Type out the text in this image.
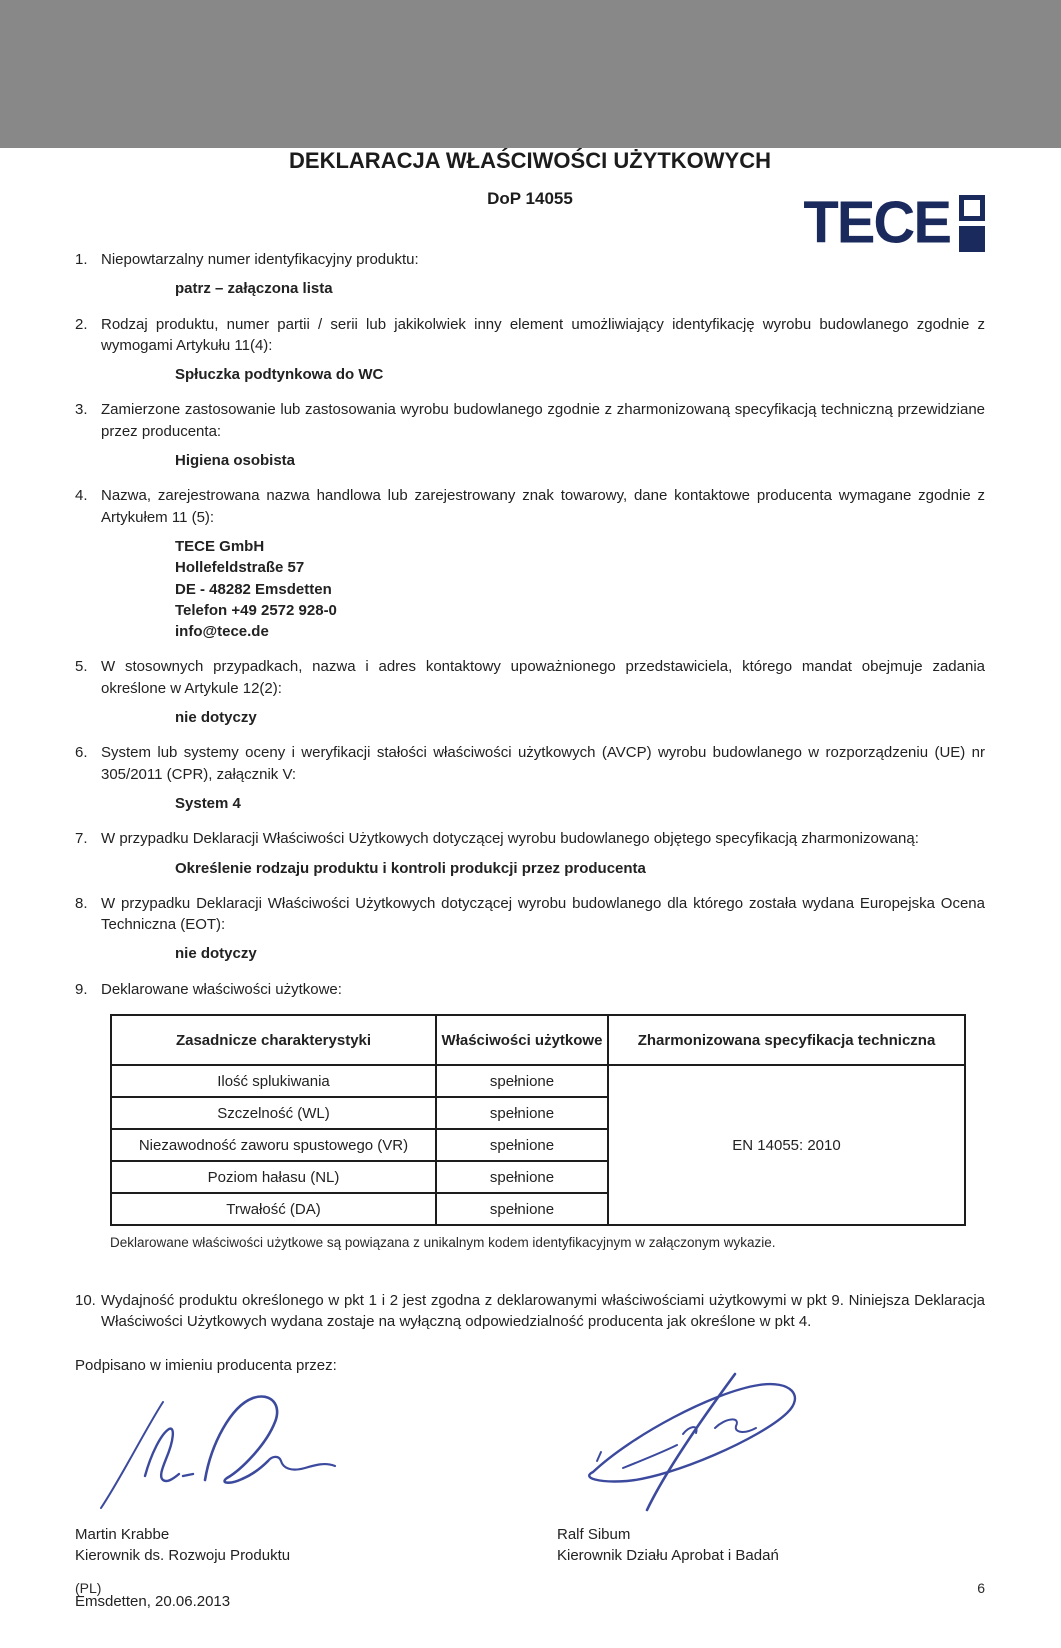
TECE
DEKLARACJA WŁAŚCIWOŚCI UŻYTKOWYCH
DoP 14055
1. Niepowtarzalny numer identyfikacyjny produktu:

patrz – załączona lista

2. Rodzaj produktu, numer partii / serii lub jakikolwiek inny element umożliwiający identyfikację wyrobu budowlanego zgodnie z wymogami Artykułu 11(4):

Spłuczka podtynkowa do WC

3. Zamierzone zastosowanie lub zastosowania wyrobu budowlanego zgodnie z zharmonizowaną specyfikacją techniczną przewidziane przez producenta:

Higiena osobista

4. Nazwa, zarejestrowana nazwa handlowa lub zarejestrowany znak towarowy, dane kontaktowe producenta wymagane zgodnie z Artykułem 11 (5):

TECE GmbH

Hollefeldstraße 57

DE - 48282 Emsdetten

Telefon +49 2572 928-0

info@tece.de

5. W stosownych przypadkach, nazwa i adres kontaktowy upoważnionego przedstawiciela, którego mandat obejmuje zadania określone w Artykule 12(2):

nie dotyczy

6. System lub systemy oceny i weryfikacji stałości właściwości użytkowych (AVCP) wyrobu budowlanego w rozporządzeniu (UE) nr 305/2011 (CPR), załącznik V:

System 4

7. W przypadku Deklaracji Właściwości Użytkowych dotyczącej wyrobu budowlanego objętego specyfikacją zharmonizowaną:

Określenie rodzaju produktu i kontroli produkcji przez producenta

8. W przypadku Deklaracji Właściwości Użytkowych dotyczącej wyrobu budowlanego dla którego została wydana Europejska Ocena Techniczna (EOT):

nie dotyczy

9. Deklarowane właściwości użytkowe:

Zasadnicze charakterystyki	Właściwości użytkowe	Zharmonizowana specyfikacja techniczna
Ilość splukiwania	spełnione	EN 14055: 2010
Szczelność (WL)	spełnione	
Niezawodność zaworu spustowego (VR)	spełnione	
Poziom hałasu (NL)	spełnione	
Trwałość (DA)	spełnione	

Deklarowane właściwości użytkowe są powiązana z unikalnym kodem identyfikacyjnym w załączonym wykazie.

10. Wydajność produktu określonego w pkt 1 i 2 jest zgodna z deklarowanymi właściwościami użytkowymi w pkt 9. Niniejsza Deklaracja Właściwości Użytkowych wydana zostaje na wyłączną odpowiedzialność producenta jak określone w pkt 4.

Podpisano w imieniu producenta przez:

Martin Krabbe

Kierownik ds. Rozwoju Produktu

Ralf Sibum

Kierownik Działu Aprobat i Badań

Emsdetten, 20.06.2013

(PL)	6
